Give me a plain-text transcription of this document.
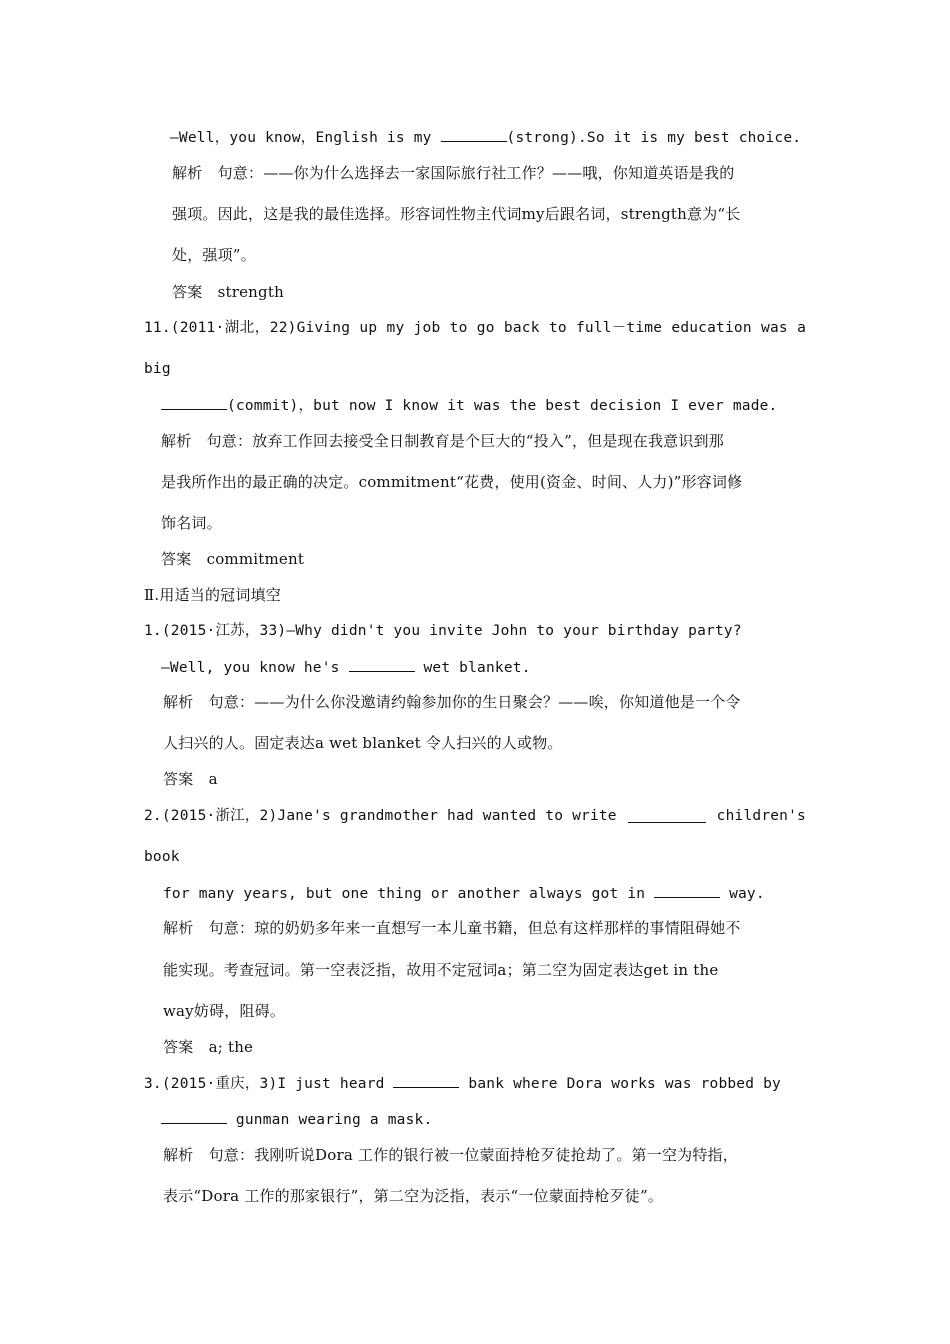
—Well，you know，English is my	(strong).So it is my best choice.
解析　句意：——你为什么选择去一家国际旅行社工作？——哦，你知道英语是我的
强项。因此，这是我的最佳选择。形容词性物主代词my后跟名词，strength意为“长
处，强项”。
答案　strength
11.(2011·湖北，22)Giving up my job to go back to full－time education was a
big
(commit)，but now I know it was the best decision I ever made.
解析　句意：放弃工作回去接受全日制教育是个巨大的“投入”，但是现在我意识到那
是我所作出的最正确的决定。commitment“花费，使用(资金、时间、人力)”形容词修
饰名词。
答案　commitment
Ⅱ.用适当的冠词填空
1.(2015·江苏，33)—Why didn't you invite John to your birthday party?
—Well, you know he's	wet blanket.
解析　句意：——为什么你没邀请约翰参加你的生日聚会？——唉，你知道他是一个令
人扫兴的人。固定表达a wet blanket 令人扫兴的人或物。
答案　a
2.(2015·浙江，2)Jane's grandmother had wanted to write	children's
book
for many years, but one thing or another always got in	way.
解析　句意：琼的奶奶多年来一直想写一本儿童书籍，但总有这样那样的事情阻碍她不
能实现。考查冠词。第一空表泛指，故用不定冠词a；第二空为固定表达get in the
way妨碍，阻碍。
答案　a; the
3.(2015·重庆，3)I just heard	bank where Dora works was robbed by
gunman wearing a mask.
解析　句意：我刚听说Dora 工作的银行被一位蒙面持枪歹徒抢劫了。第一空为特指，
表示“Dora 工作的那家银行”，第二空为泛指，表示“一位蒙面持枪歹徒”。
